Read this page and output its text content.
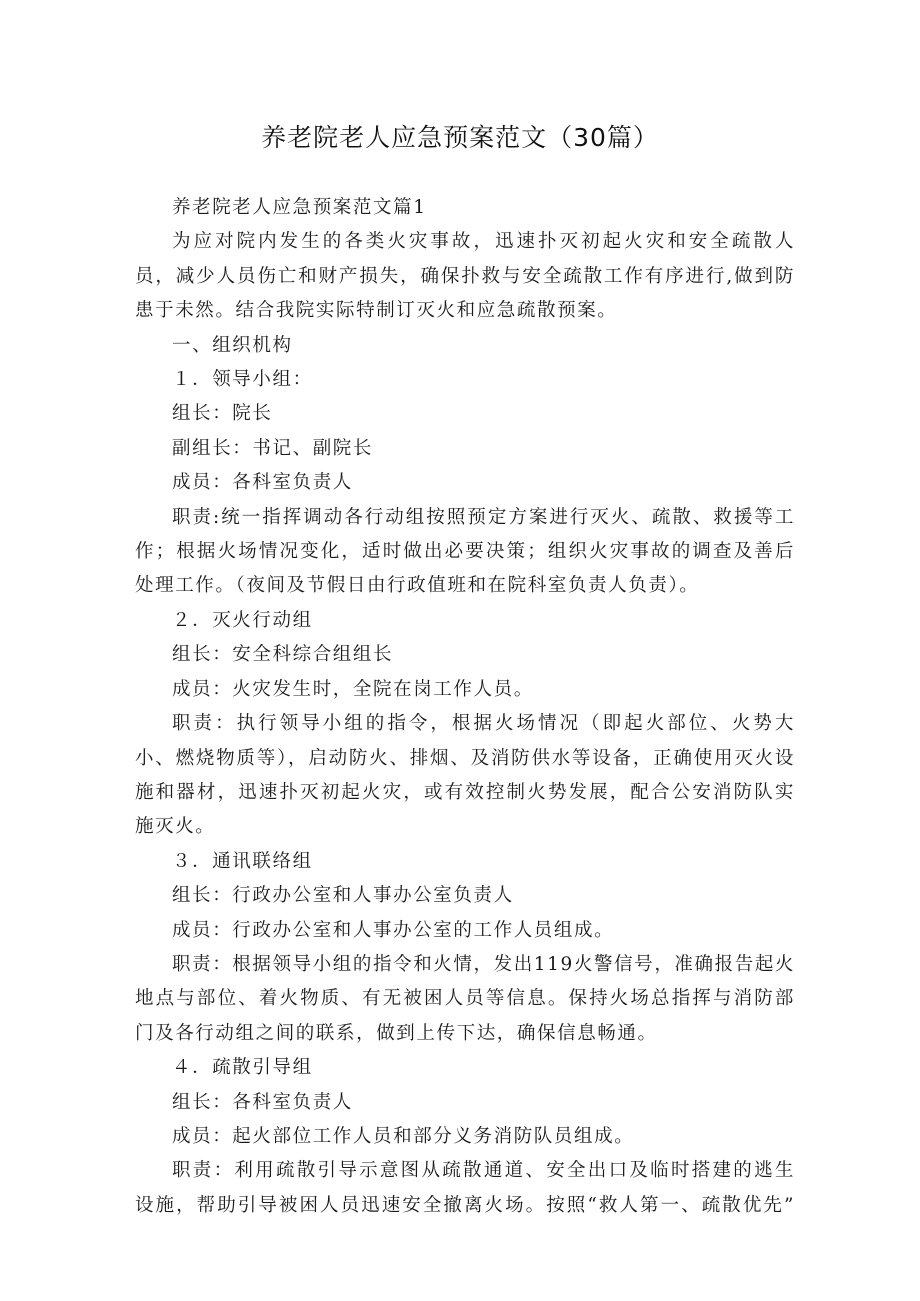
养老院老人应急预案范文（30篇）

养老院老人应急预案范文篇1

为应对院内发生的各类火灾事故，迅速扑灭初起火灾和安全疏散人员，减少人员伤亡和财产损失，确保扑救与安全疏散工作有序进行,做到防患于未然。结合我院实际特制订灭火和应急疏散预案。

一、组织机构

１．领导小组：

组长：院长

副组长：书记、副院长

成员：各科室负责人

职责:统一指挥调动各行动组按照预定方案进行灭火、疏散、救援等工作；根据火场情况变化，适时做出必要决策；组织火灾事故的调查及善后处理工作。（夜间及节假日由行政值班和在院科室负责人负责）。

２．灭火行动组

组长：安全科综合组组长

成员：火灾发生时，全院在岗工作人员。

职责：执行领导小组的指令，根据火场情况（即起火部位、火势大小、燃烧物质等），启动防火、排烟、及消防供水等设备，正确使用灭火设施和器材，迅速扑灭初起火灾，或有效控制火势发展，配合公安消防队实施灭火。

３．通讯联络组

组长：行政办公室和人事办公室负责人

成员：行政办公室和人事办公室的工作人员组成。

职责：根据领导小组的指令和火情，发出119火警信号，准确报告起火地点与部位、着火物质、有无被困人员等信息。保持火场总指挥与消防部门及各行动组之间的联系，做到上传下达，确保信息畅通。

４．疏散引导组

组长：各科室负责人

成员：起火部位工作人员和部分义务消防队员组成。

职责：利用疏散引导示意图从疏散通道、安全出口及临时搭建的逃生设施，帮助引导被困人员迅速安全撤离火场。按照“救人第一、疏散优先”
